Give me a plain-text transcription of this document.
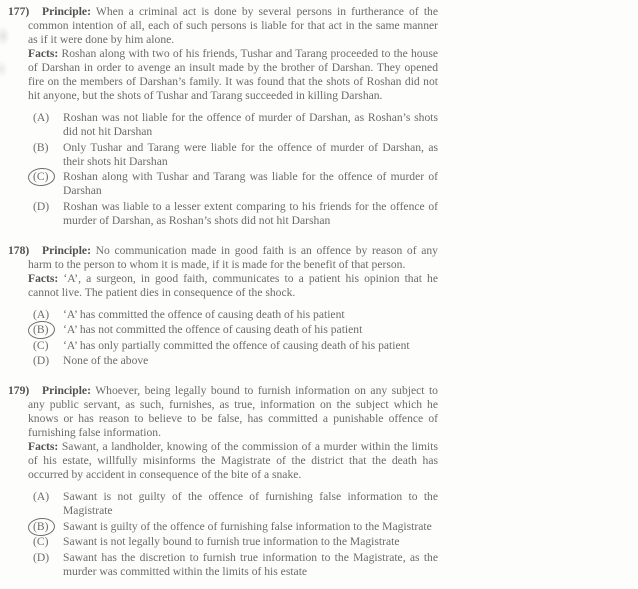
177)	Principle: When a criminal act is done by several persons in furtherance of the common intention of all, each of such persons is liable for that act in the same manner as if it were done by him alone.

Facts: Roshan along with two of his friends, Tushar and Tarang proceeded to the house of Darshan in order to avenge an insult made by the brother of Darshan. They opened fire on the members of Darshan’s family. It was found that the shots of Roshan did not hit anyone, but the shots of Tushar and Tarang succeeded in killing Darshan.

(A)	Roshan was not liable for the offence of murder of Darshan, as Roshan’s shots did not hit Darshan
(B)	Only Tushar and Tarang were liable for the offence of murder of Darshan, as their shots hit Darshan
(C)	Roshan along with Tushar and Tarang was liable for the offence of murder of Darshan
(D)	Roshan was liable to a lesser extent comparing to his friends for the offence of murder of Darshan, as Roshan’s shots did not hit Darshan
178)	Principle: No communication made in good faith is an offence by reason of any harm to the person to whom it is made, if it is made for the benefit of that person.

Facts: ‘A’, a surgeon, in good faith, communicates to a patient his opinion that he cannot live. The patient dies in consequence of the shock.

(A)	‘A’ has committed the offence of causing death of his patient
(B)	‘A’ has not committed the offence of causing death of his patient
(C)	‘A’ has only partially committed the offence of causing death of his patient
(D)	None of the above
179)	Principle: Whoever, being legally bound to furnish information on any subject to any public servant, as such, furnishes, as true, information on the subject which he knows or has reason to believe to be false, has committed a punishable offence of furnishing false information.

Facts: Sawant, a landholder, knowing of the commission of a murder within the limits of his estate, willfully misinforms the Magistrate of the district that the death has occurred by accident in consequence of the bite of a snake.

(A)	Sawant is not guilty of the offence of furnishing false information to the Magistrate
(B)	Sawant is guilty of the offence of furnishing false information to the Magistrate
(C)	Sawant is not legally bound to furnish true information to the Magistrate
(D)	Sawant has the discretion to furnish true information to the Magistrate, as the murder was committed within the limits of his estate
